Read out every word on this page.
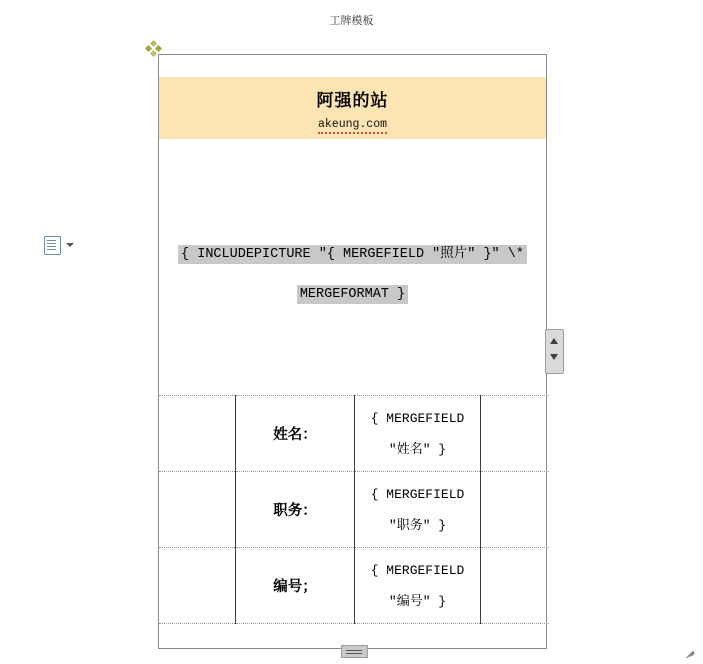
工牌模板
阿强的站
akeung.com
{ INCLUDEPICTURE "{ MERGEFIELD "照片" }" \*
MERGEFORMAT }
	姓名：	{ MERGEFIELD
"姓名" }	

	职务：	{ MERGEFIELD
"职务" }	

	编号；	{ MERGEFIELD
"编号" }	
